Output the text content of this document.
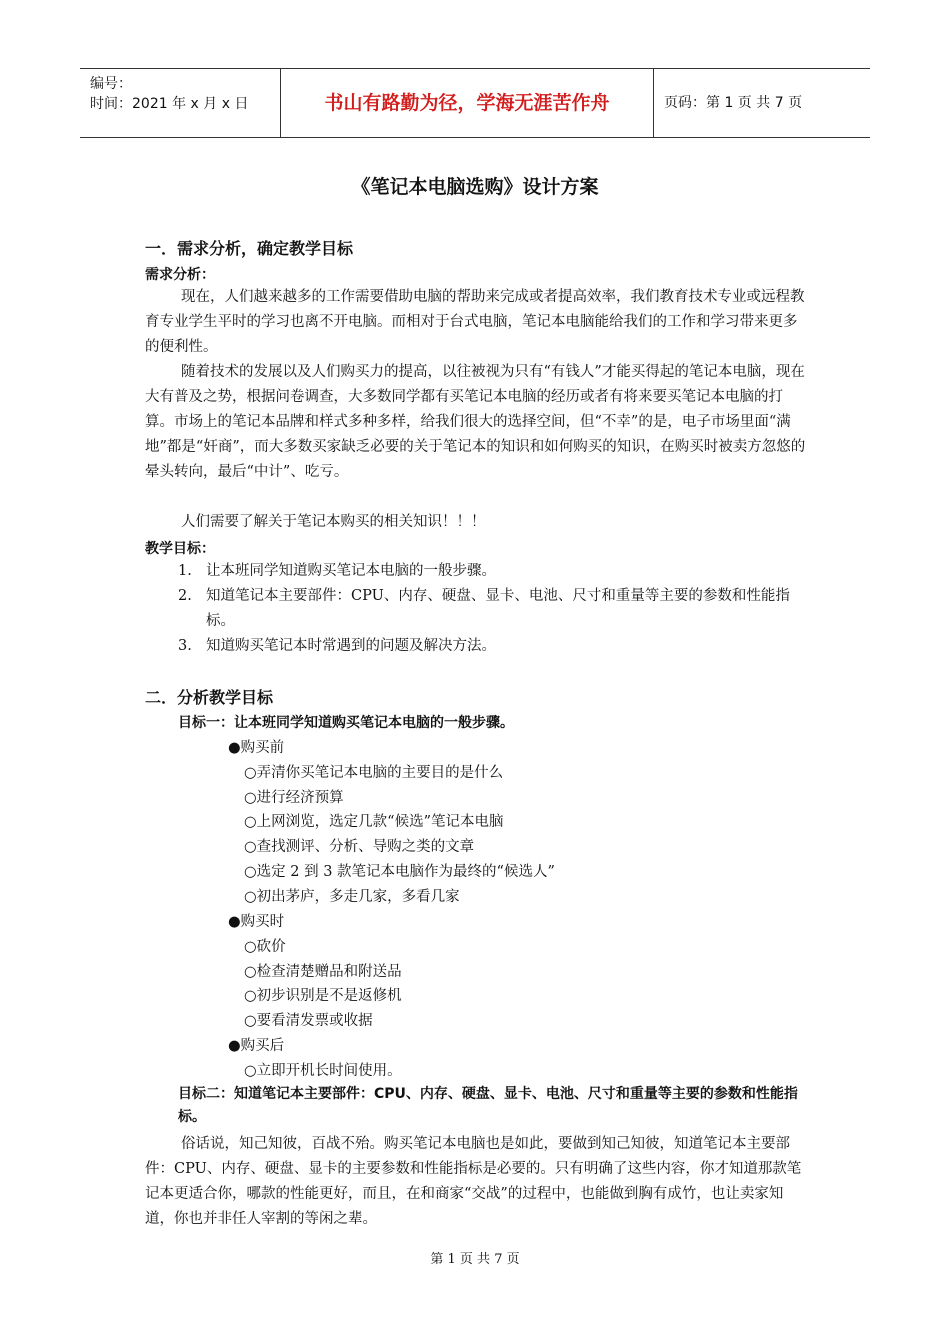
编号：
时间：2021 年 x 月 x 日	书山有路勤为径，学海无涯苦作舟	页码：第 1 页 共 7 页
《笔记本电脑选购》设计方案
一．需求分析，确定教学目标
需求分析：
现在，人们越来越多的工作需要借助电脑的帮助来完成或者提高效率，我们教育技术专业或远程教育专业学生平时的学习也离不开电脑。而相对于台式电脑，笔记本电脑能给我们的工作和学习带来更多的便利性。
随着技术的发展以及人们购买力的提高，以往被视为只有“有钱人”才能买得起的笔记本电脑，现在大有普及之势，根据问卷调查，大多数同学都有买笔记本电脑的经历或者有将来要买笔记本电脑的打算。市场上的笔记本品牌和样式多种多样，给我们很大的选择空间，但“不幸”的是，电子市场里面“满地”都是“奸商”，而大多数买家缺乏必要的关于笔记本的知识和如何购买的知识，在购买时被卖方忽悠的晕头转向，最后“中计”、吃亏。
人们需要了解关于笔记本购买的相关知识！！！
教学目标：
1. 让本班同学知道购买笔记本电脑的一般步骤。
2. 知道笔记本主要部件：CPU、内存、硬盘、显卡、电池、尺寸和重量等主要的参数和性能指标。
3. 知道购买笔记本时常遇到的问题及解决方法。
二．分析教学目标
目标一：让本班同学知道购买笔记本电脑的一般步骤。
●购买前
○弄清你买笔记本电脑的主要目的是什么
○进行经济预算
○上网浏览，选定几款“候选”笔记本电脑
○查找测评、分析、导购之类的文章
○选定 2 到 3 款笔记本电脑作为最终的“候选人”
○初出茅庐，多走几家，多看几家
●购买时
○砍价
○检查清楚赠品和附送品
○初步识别是不是返修机
○要看清发票或收据
●购买后
○立即开机长时间使用。
目标二：知道笔记本主要部件：CPU、内存、硬盘、显卡、电池、尺寸和重量等主要的参数和性能指标。
俗话说，知己知彼，百战不殆。购买笔记本电脑也是如此，要做到知己知彼，知道笔记本主要部件：CPU、内存、硬盘、显卡的主要参数和性能指标是必要的。只有明确了这些内容，你才知道那款笔记本更适合你，哪款的性能更好，而且，在和商家“交战”的过程中，也能做到胸有成竹，也让卖家知道，你也并非任人宰割的等闲之辈。
第 1 页 共 7 页
